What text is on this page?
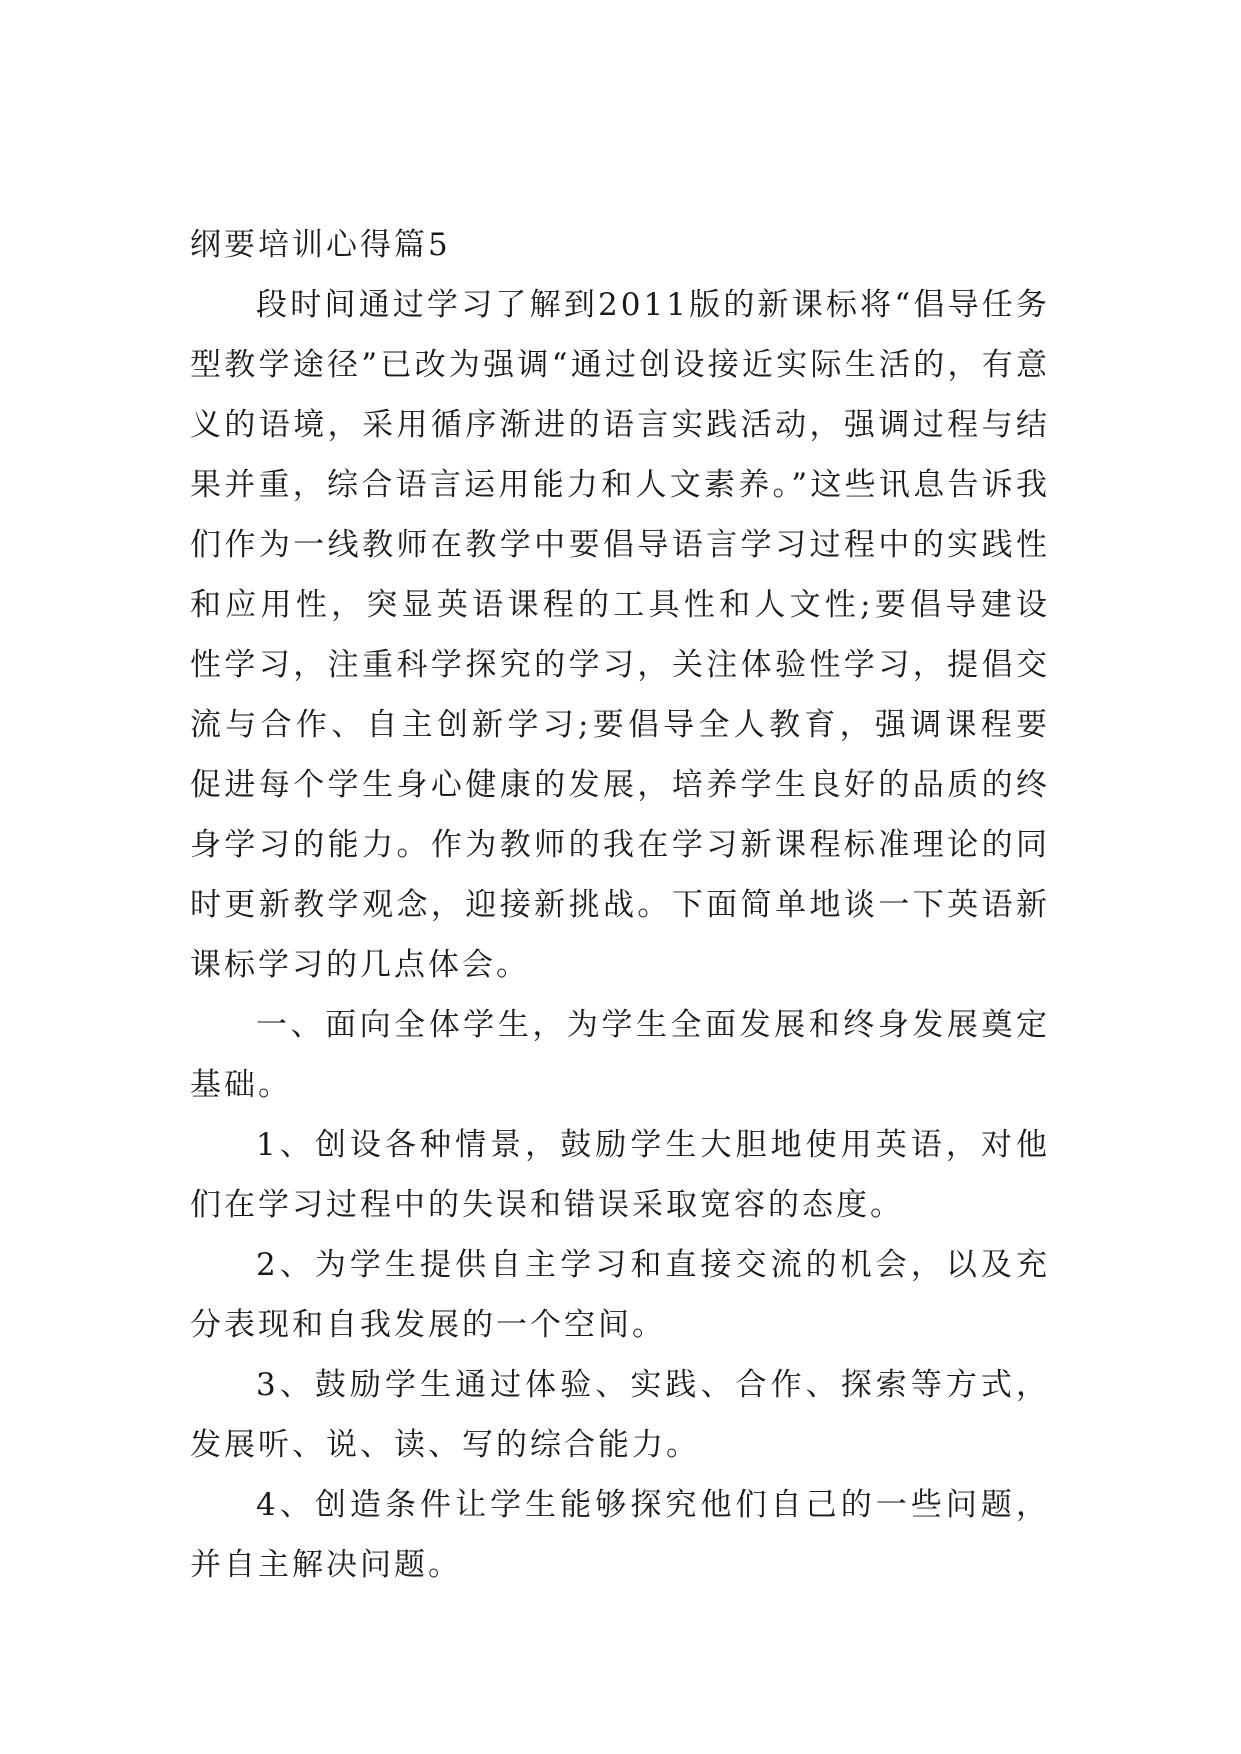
纲要培训心得篇5

段时间通过学习了解到2011版的新课标将“倡导任务型教学途径”已改为强调“通过创设接近实际生活的，有意义的语境，采用循序渐进的语言实践活动，强调过程与结果并重，综合语言运用能力和人文素养。”这些讯息告诉我们作为一线教师在教学中要倡导语言学习过程中的实践性和应用性，突显英语课程的工具性和人文性;要倡导建设性学习，注重科学探究的学习，关注体验性学习，提倡交流与合作、自主创新学习;要倡导全人教育，强调课程要促进每个学生身心健康的发展，培养学生良好的品质的终身学习的能力。作为教师的我在学习新课程标准理论的同时更新教学观念，迎接新挑战。下面简单地谈一下英语新课标学习的几点体会。

一、面向全体学生，为学生全面发展和终身发展奠定基础。

1、创设各种情景，鼓励学生大胆地使用英语，对他们在学习过程中的失误和错误采取宽容的态度。

2、为学生提供自主学习和直接交流的机会，以及充分表现和自我发展的一个空间。

3、鼓励学生通过体验、实践、合作、探索等方式，发展听、说、读、写的综合能力。

4、创造条件让学生能够探究他们自己的一些问题，并自主解决问题。
